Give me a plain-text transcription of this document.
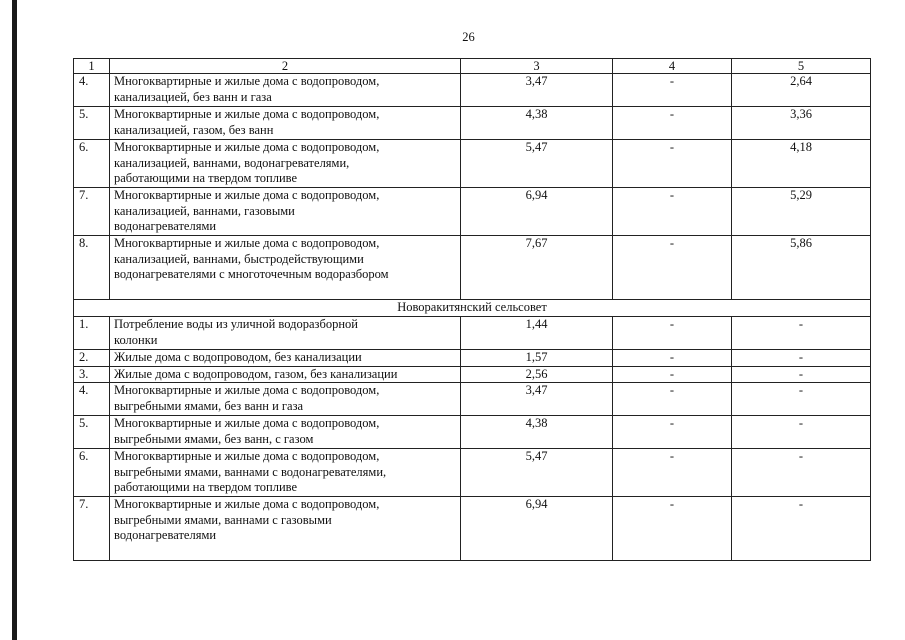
26
1	2	3	4	5
4.	Многоквартирные и жилые дома с водопроводом,
канализацией, без ванн и газа	3,47	-	2,64
5.	Многоквартирные и жилые дома с водопроводом,
канализацией, газом, без ванн	4,38	-	3,36
6.	Многоквартирные и жилые дома с водопроводом,
канализацией, ваннами, водонагревателями,
работающими на твердом топливе	5,47	-	4,18
7.	Многоквартирные и жилые дома с водопроводом,
канализацией, ваннами, газовыми
водонагревателями	6,94	-	5,29
8.	Многоквартирные и жилые дома с водопроводом,
канализацией, ваннами, быстродействующими
водонагревателями с многоточечным водоразбором	7,67	-	5,86
Новоракитянский сельсовет				
1.	Потребление воды из уличной водоразборной
колонки	1,44	-	-
2.	Жилые дома с водопроводом, без канализации	1,57	-	-
3.	Жилые дома с водопроводом, газом, без канализации	2,56	-	-
4.	Многоквартирные и жилые дома с водопроводом,
выгребными ямами, без ванн и газа	3,47	-	-
5.	Многоквартирные и жилые дома с водопроводом,
выгребными ямами, без ванн, с газом	4,38	-	-
6.	Многоквартирные и жилые дома с водопроводом,
выгребными ямами, ваннами с водонагревателями,
работающими на твердом топливе	5,47	-	-
7.	Многоквартирные и жилые дома с водопроводом,
выгребными ямами, ваннами с газовыми
водонагревателями	6,94	-	-
